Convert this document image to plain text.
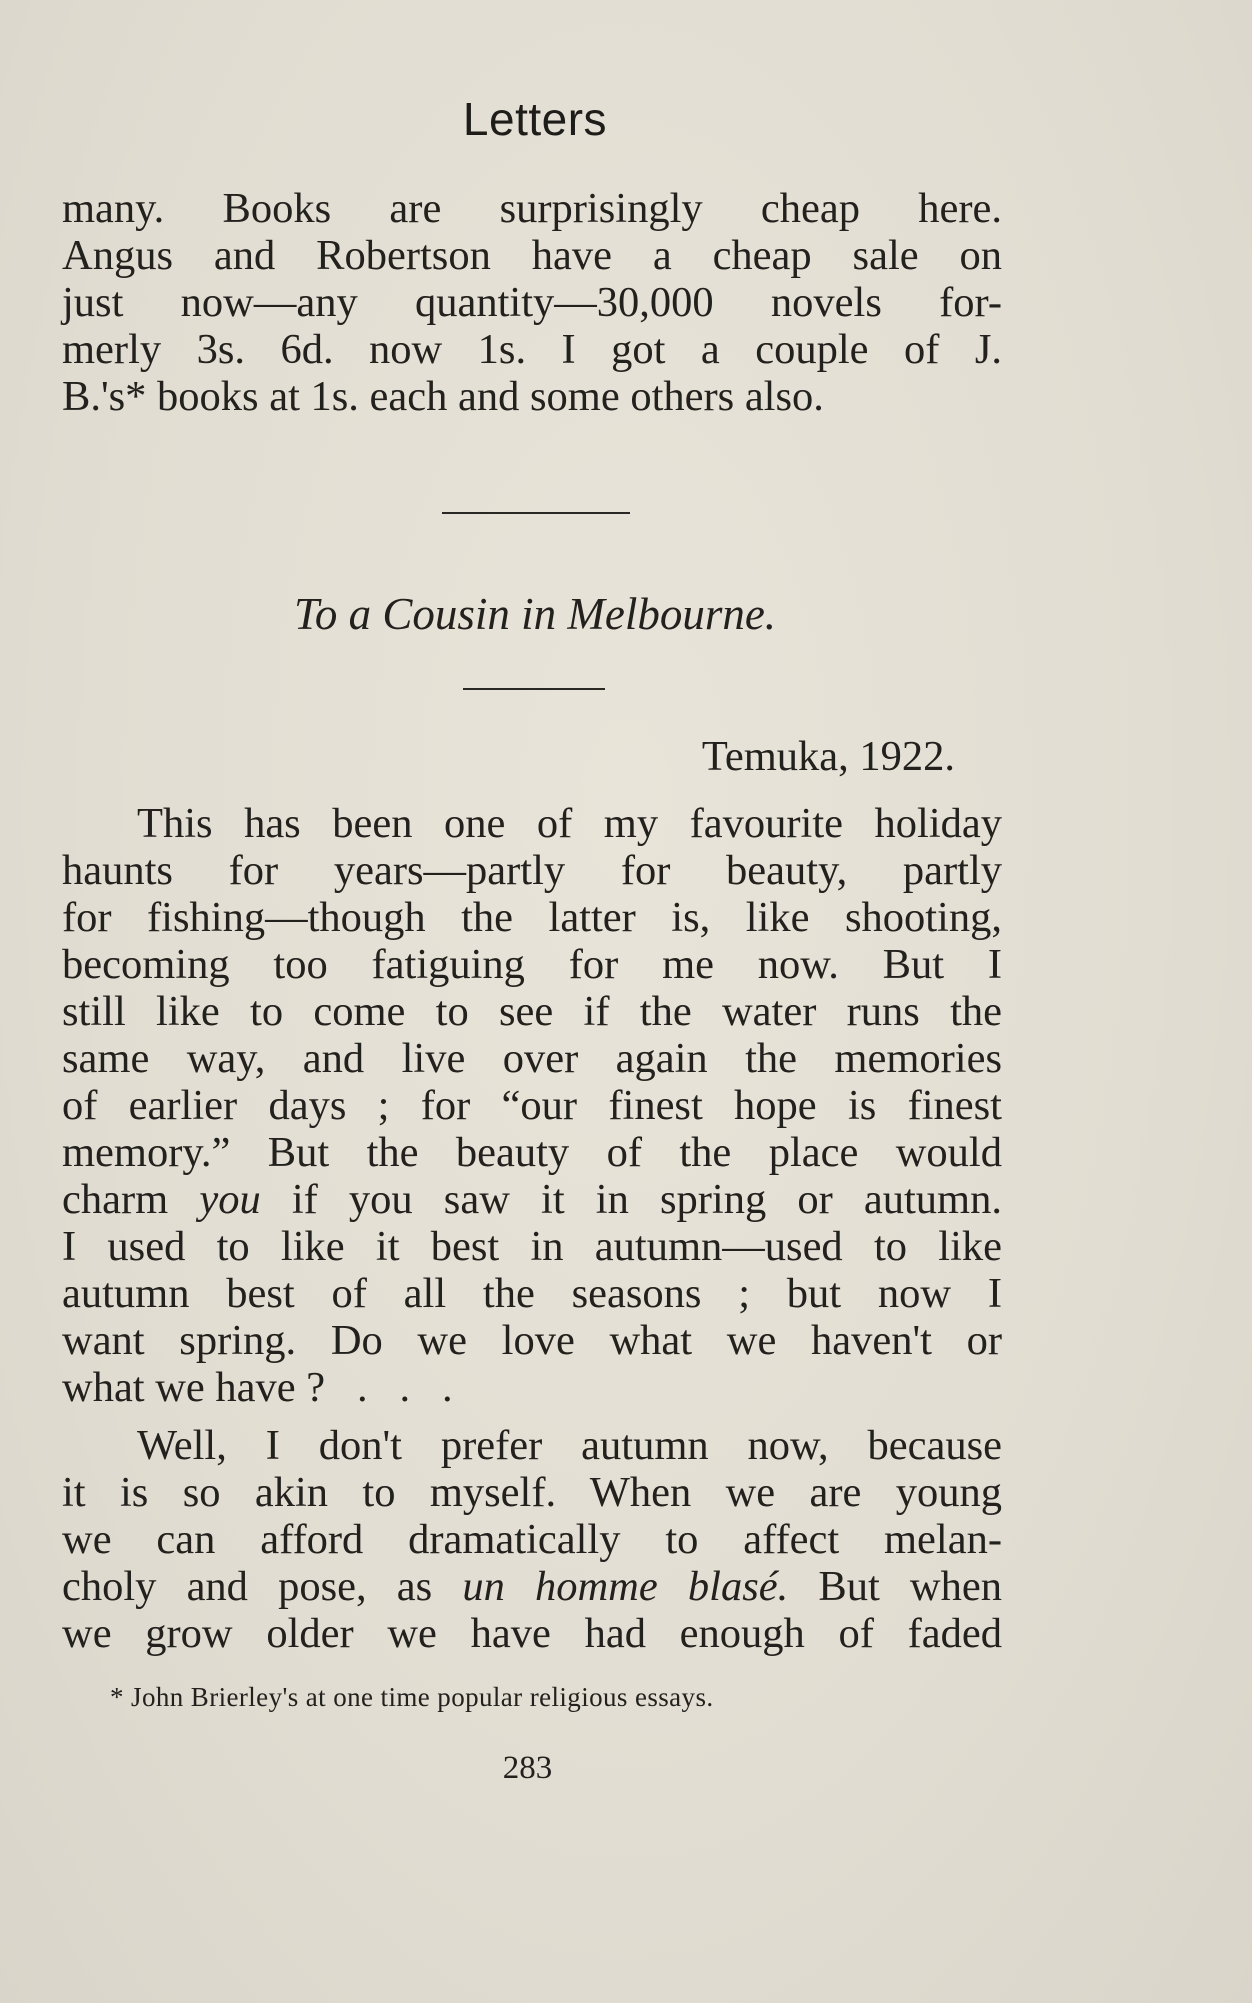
Letters
many. Books are surprisingly cheap here.
Angus and Robertson have a cheap sale on
just now—any quantity—30,000 novels for-
merly 3s. 6d. now 1s. I got a couple of J.
B.'s* books at 1s. each and some others also.
To a Cousin in Melbourne.
Temuka, 1922.
This has been one of my favourite holiday
haunts for years—partly for beauty, partly
for fishing—though the latter is, like shooting,
becoming too fatiguing for me now. But I
still like to come to see if the water runs the
same way, and live over again the memories
of earlier days ; for “our finest hope is finest
memory.” But the beauty of the place would
charm you if you saw it in spring or autumn.
I used to like it best in autumn—used to like
autumn best of all the seasons ; but now I
want spring. Do we love what we haven't or
what we have ?   .   .   .
Well, I don't prefer autumn now, because
it is so akin to myself. When we are young
we can afford dramatically to affect melan-
choly and pose, as un homme blasé. But when
we grow older we have had enough of faded
* John Brierley's at one time popular religious essays.
283
